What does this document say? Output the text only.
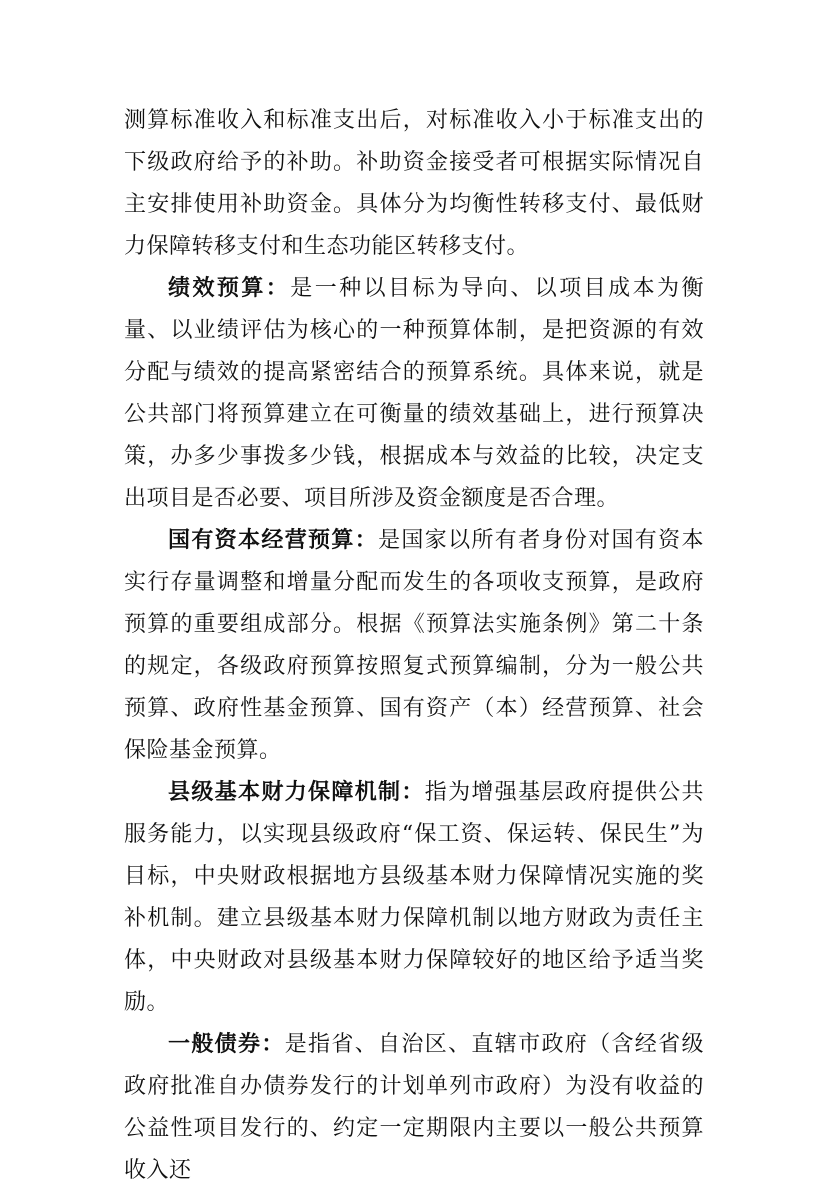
测算标准收入和标准支出后，对标准收入小于标准支出的下级政府给予的补助。补助资金接受者可根据实际情况自主安排使用补助资金。具体分为均衡性转移支付、最低财力保障转移支付和生态功能区转移支付。

绩效预算：是一种以目标为导向、以项目成本为衡量、以业绩评估为核心的一种预算体制，是把资源的有效分配与绩效的提高紧密结合的预算系统。具体来说，就是公共部门将预算建立在可衡量的绩效基础上，进行预算决策，办多少事拨多少钱，根据成本与效益的比较，决定支出项目是否必要、项目所涉及资金额度是否合理。

国有资本经营预算：是国家以所有者身份对国有资本实行存量调整和增量分配而发生的各项收支预算，是政府预算的重要组成部分。根据《预算法实施条例》第二十条的规定，各级政府预算按照复式预算编制，分为一般公共预算、政府性基金预算、国有资产（本）经营预算、社会保险基金预算。

县级基本财力保障机制：指为增强基层政府提供公共服务能力，以实现县级政府“保工资、保运转、保民生”为目标，中央财政根据地方县级基本财力保障情况实施的奖补机制。建立县级基本财力保障机制以地方财政为责任主体，中央财政对县级基本财力保障较好的地区给予适当奖励。

一般债券：是指省、自治区、直辖市政府（含经省级政府批准自办债券发行的计划单列市政府）为没有收益的公益性项目发行的、约定一定期限内主要以一般公共预算收入还
